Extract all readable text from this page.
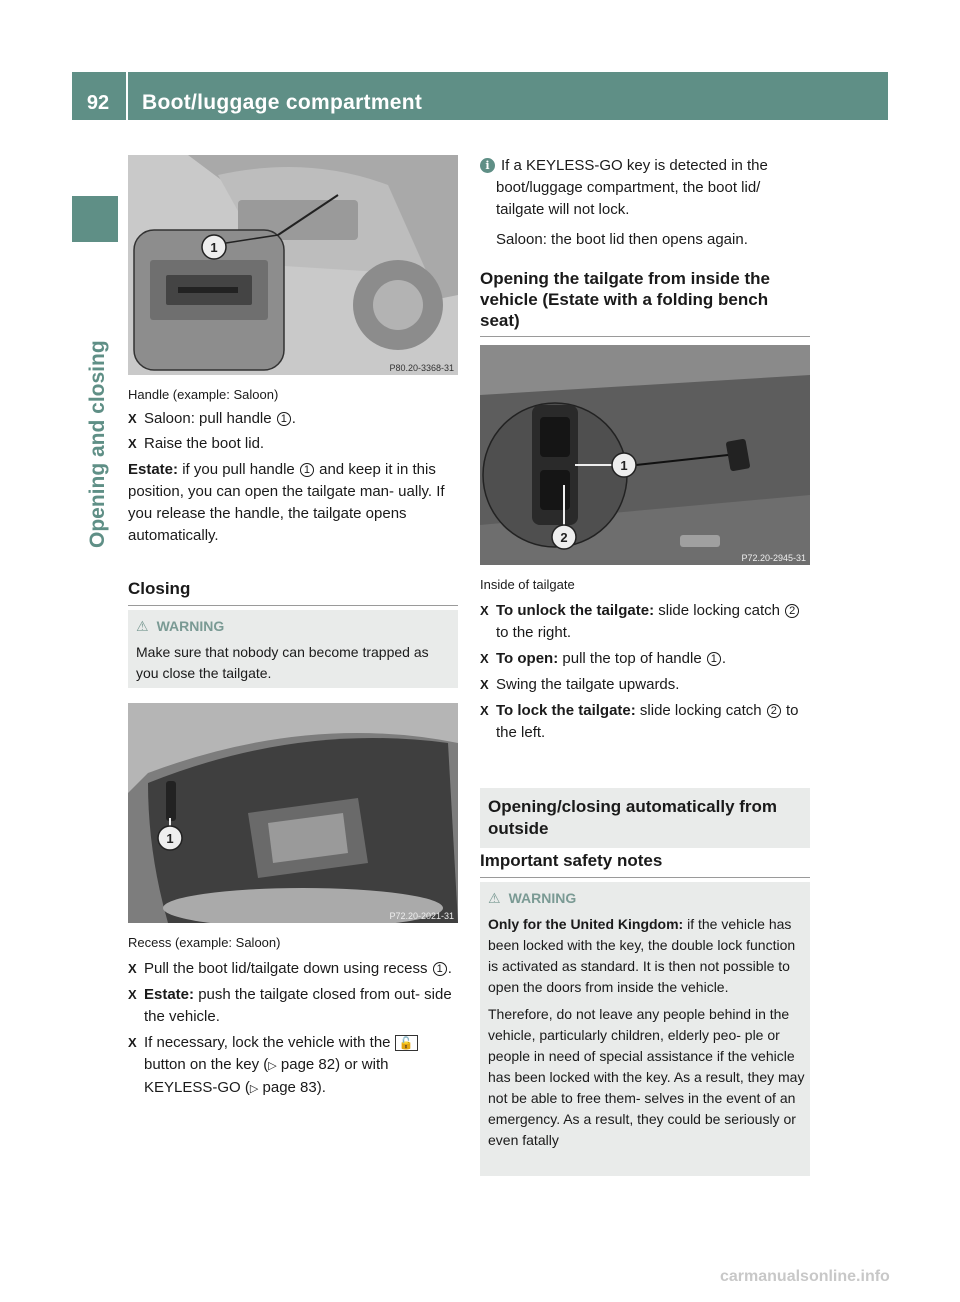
92	Boot/luggage compartment
Opening and closing
1
P80.20-3368-31
Handle (example: Saloon)

X Saloon: pull handle 1 .

X Raise the boot lid.

Estate: if you pull handle 1 and keep it in this position, you can open the tailgate man- ually. If you release the handle, the tailgate opens automatically.

Closing
⚠ WARNING
Make sure that nobody can become trapped as you close the tailgate.
1
P72.20-2021-31
Recess (example: Saloon)

X Pull the boot lid/tailgate down using recess 1 .

X Estate: push the tailgate closed from out- side the vehicle.

X If necessary, lock the vehicle with the 🔓 button on the key (▷ page 82) or with KEYLESS-GO (▷ page 83).

i If a KEYLESS-GO key is detected in the boot/luggage compartment, the boot lid/ tailgate will not lock.

Saloon: the boot lid then opens again.

Opening the tailgate from inside the vehicle (Estate with a folding bench seat)
1
2
P72.20-2945-31
Inside of tailgate

X To unlock the tailgate: slide locking catch 2 to the right.

X To open: pull the top of handle 1 .

X Swing the tailgate upwards.

X To lock the tailgate: slide locking catch 2 to the left.

Opening/closing automatically from outside
Important safety notes
⚠ WARNING

Only for the United Kingdom: if the vehicle has been locked with the key, the double lock function is activated as standard. It is then not possible to open the doors from inside the vehicle.

Therefore, do not leave any people behind in the vehicle, particularly children, elderly peo- ple or people in need of special assistance if the vehicle has been locked with the key. As a result, they may not be able to free them- selves in the event of an emergency. As a result, they could be seriously or even fatally

carmanualsonline.info
